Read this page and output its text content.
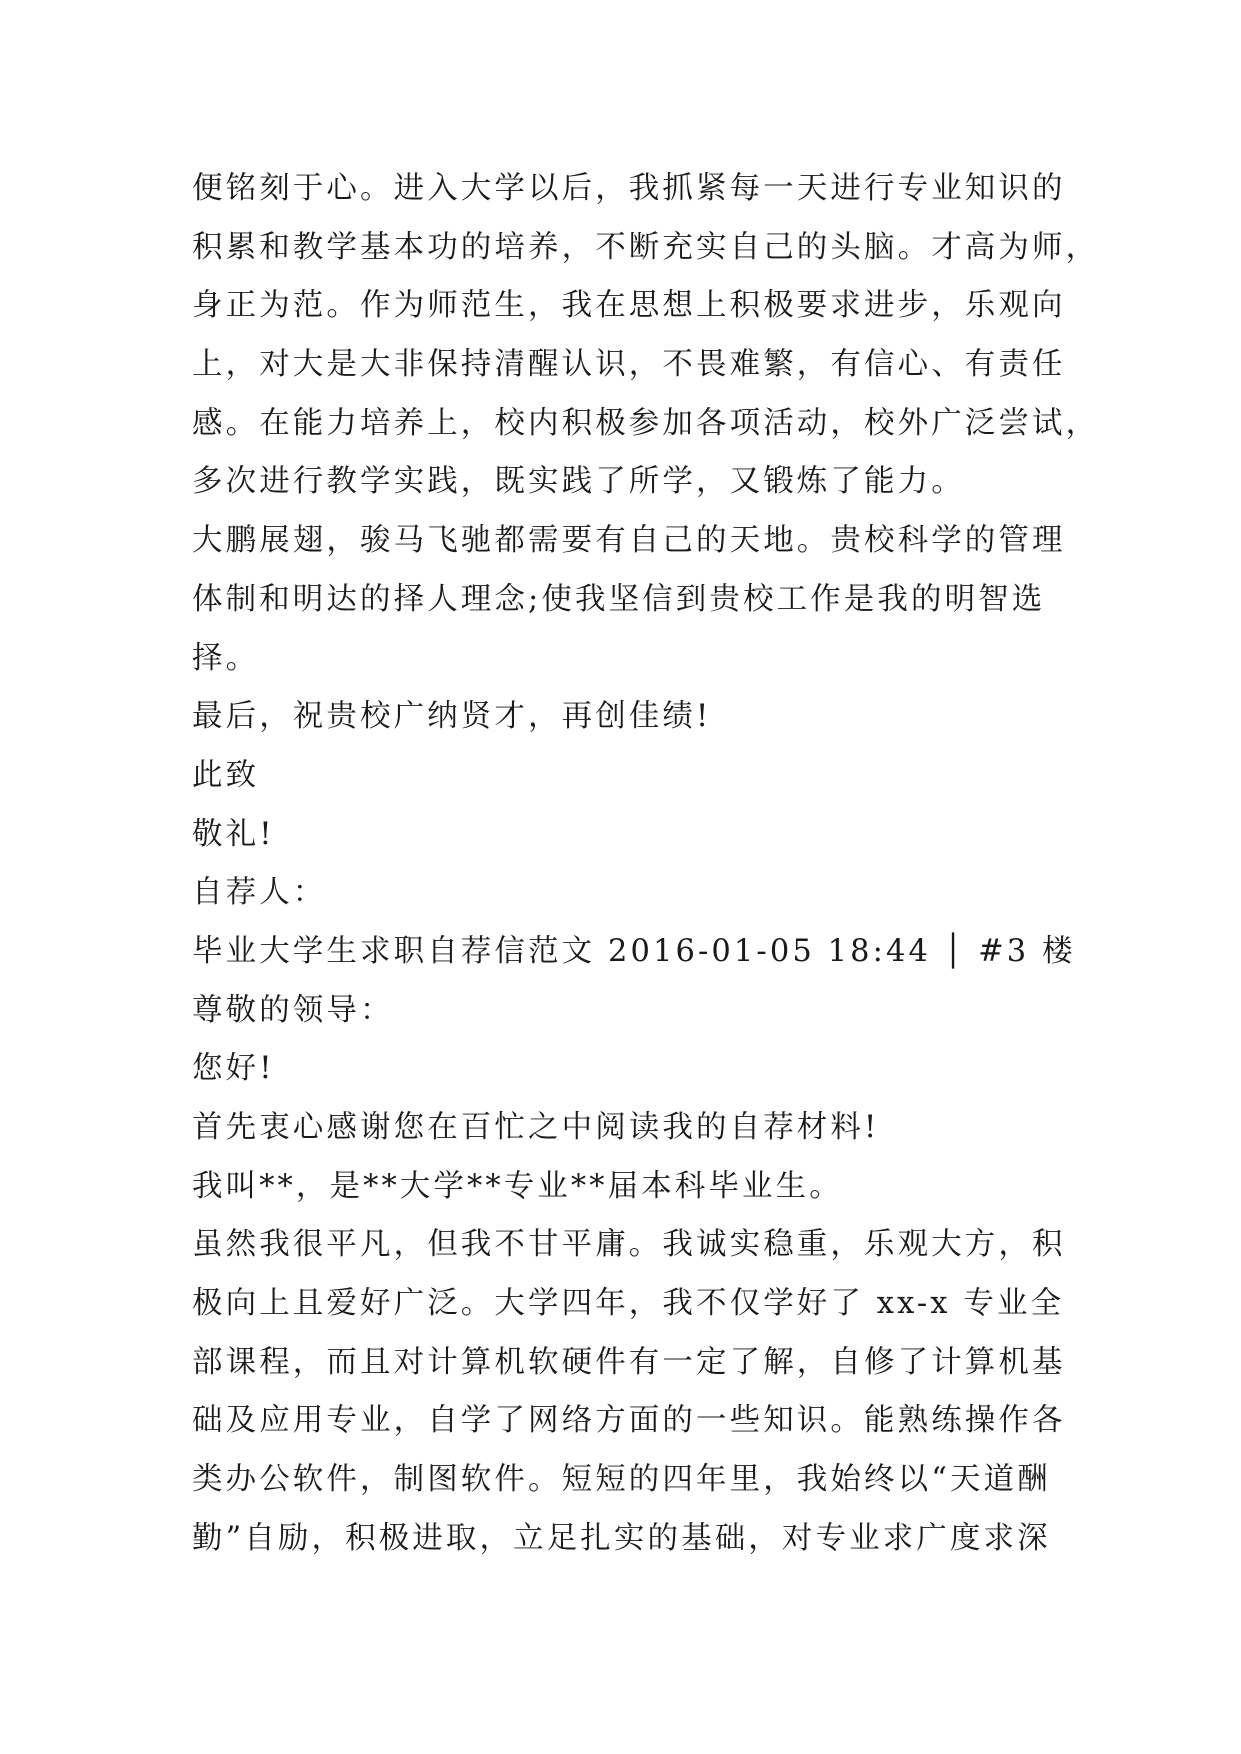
便铭刻于心。进入大学以后，我抓紧每一天进行专业知识的
积累和教学基本功的培养，不断充实自己的头脑。才高为师，
身正为范。作为师范生，我在思想上积极要求进步，乐观向
上，对大是大非保持清醒认识，不畏难繁，有信心、有责任
感。在能力培养上，校内积极参加各项活动，校外广泛尝试，
多次进行教学实践，既实践了所学，又锻炼了能力。
大鹏展翅，骏马飞驰都需要有自己的天地。贵校科学的管理
体制和明达的择人理念;使我坚信到贵校工作是我的明智选
择。
最后，祝贵校广纳贤才，再创佳绩!
此致
敬礼!
自荐人：
毕业大学生求职自荐信范文 2016-01-05 18:44 │ #3 楼
尊敬的领导：
您好!
首先衷心感谢您在百忙之中阅读我的自荐材料!
我叫**，是**大学**专业**届本科毕业生。
虽然我很平凡，但我不甘平庸。我诚实稳重，乐观大方，积
极向上且爱好广泛。大学四年，我不仅学好了 xx-x 专业全
部课程，而且对计算机软硬件有一定了解，自修了计算机基
础及应用专业，自学了网络方面的一些知识。能熟练操作各
类办公软件，制图软件。短短的四年里，我始终以“天道酬
勤”自励，积极进取，立足扎实的基础，对专业求广度求深
